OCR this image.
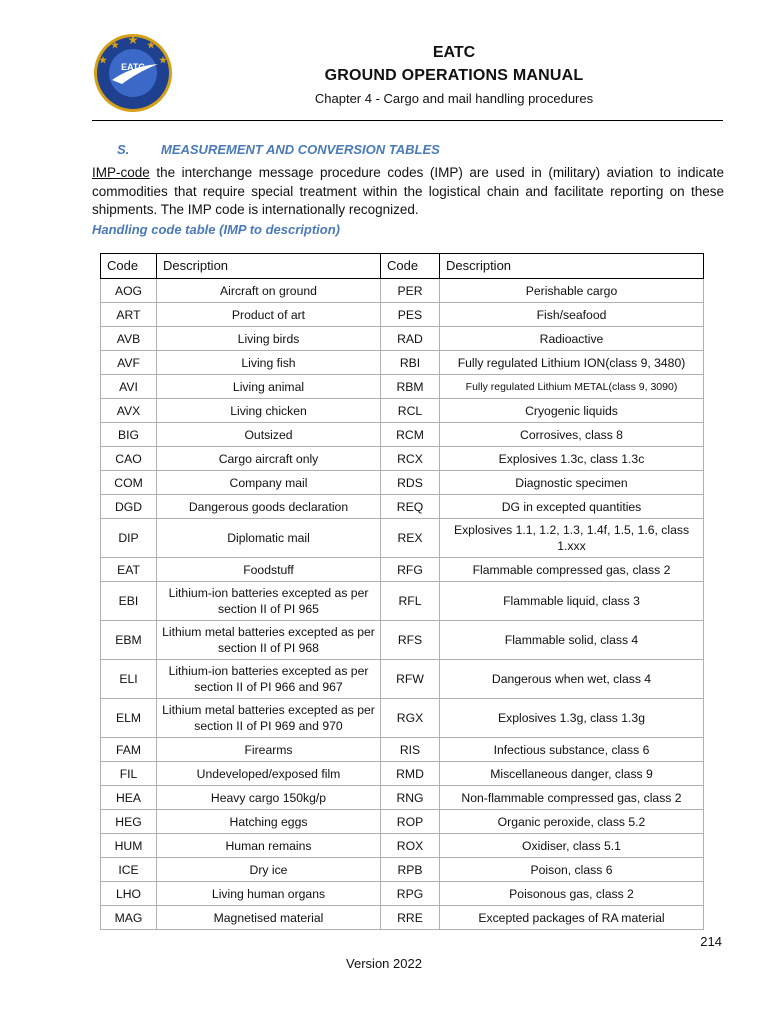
EATC
EATC
GROUND OPERATIONS MANUAL
Chapter 4 - Cargo and mail handling procedures
S. MEASUREMENT AND CONVERSION TABLES
IMP-code the interchange message procedure codes (IMP) are used in (military) aviation to indicate commodities that require special treatment within the logistical chain and facilitate reporting on these shipments. The IMP code is internationally recognized.
Handling code table (IMP to description)
Code	Description	Code	Description
AOG	Aircraft on ground	PER	Perishable cargo
ART	Product of art	PES	Fish/seafood
AVB	Living birds	RAD	Radioactive
AVF	Living fish	RBI	Fully regulated Lithium ION(class 9, 3480)
AVI	Living animal	RBM	Fully regulated Lithium METAL(class 9, 3090)
AVX	Living chicken	RCL	Cryogenic liquids
BIG	Outsized	RCM	Corrosives, class 8
CAO	Cargo aircraft only	RCX	Explosives 1.3c, class 1.3c
COM	Company mail	RDS	Diagnostic specimen
DGD	Dangerous goods declaration	REQ	DG in excepted quantities
DIP	Diplomatic mail	REX	Explosives 1.1, 1.2, 1.3, 1.4f, 1.5, 1.6, class 1.xxx
EAT	Foodstuff	RFG	Flammable compressed gas, class 2
EBI	Lithium-ion batteries excepted as per section II of PI 965	RFL	Flammable liquid, class 3
EBM	Lithium metal batteries excepted as per section II of PI 968	RFS	Flammable solid, class 4
ELI	Lithium-ion batteries excepted as per section II of PI 966 and 967	RFW	Dangerous when wet, class 4
ELM	Lithium metal batteries excepted as per section II of PI 969 and 970	RGX	Explosives 1.3g, class 1.3g
FAM	Firearms	RIS	Infectious substance, class 6
FIL	Undeveloped/exposed film	RMD	Miscellaneous danger, class 9
HEA	Heavy cargo 150kg/p	RNG	Non-flammable compressed gas, class 2
HEG	Hatching eggs	ROP	Organic peroxide, class 5.2
HUM	Human remains	ROX	Oxidiser, class 5.1
ICE	Dry ice	RPB	Poison, class 6
LHO	Living human organs	RPG	Poisonous gas, class 2
MAG	Magnetised material	RRE	Excepted packages of RA material
214
Version 2022
